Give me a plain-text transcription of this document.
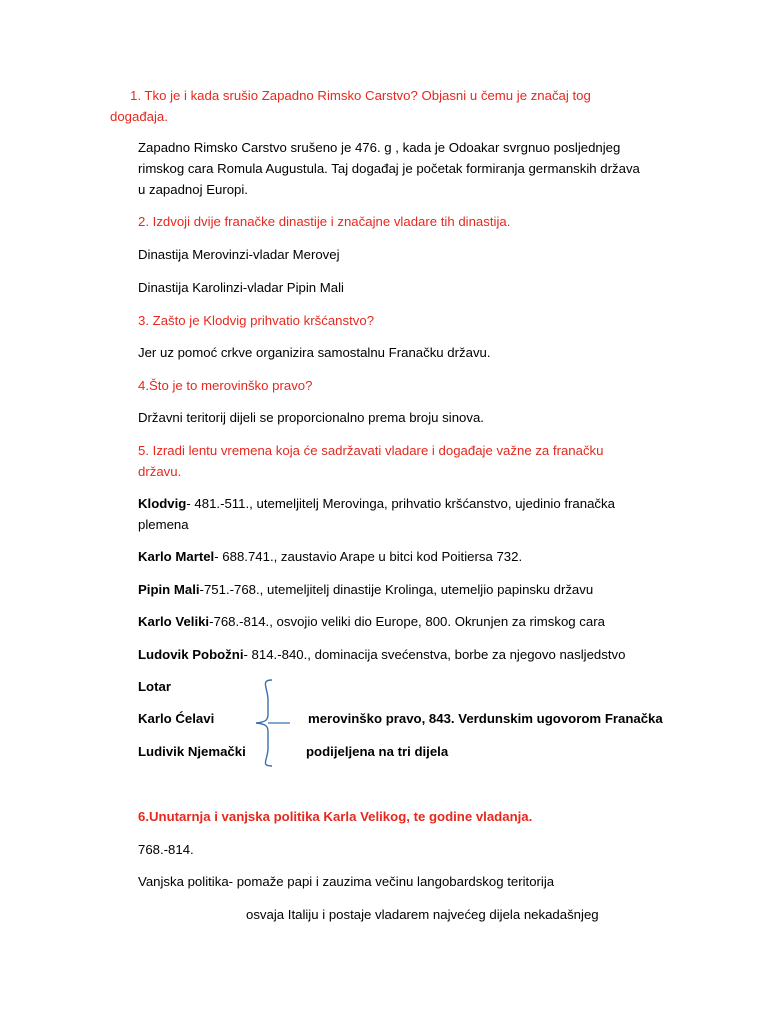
1. Tko je i kada srušio Zapadno Rimsko Carstvo? Objasni u čemu je značaj tog
događaja.
Zapadno Rimsko Carstvo srušeno je 476. g , kada je Odoakar svrgnuo posljednjeg
rimskog cara Romula Augustula. Taj događaj je početak formiranja germanskih država
u zapadnoj Europi.
2. Izdvoji dvije franačke dinastije i značajne vladare tih dinastija.
Dinastija Merovinzi-vladar Merovej
Dinastija Karolinzi-vladar Pipin Mali
3. Zašto je Klodvig prihvatio kršćanstvo?
Jer uz pomoć crkve organizira samostalnu Franačku državu.
4.Što je to merovinško pravo?
Državni teritorij dijeli se proporcionalno prema broju sinova.
5. Izradi lentu vremena koja će sadržavati vladare i događaje važne za franačku
državu.
Klodvig- 481.-511., utemeljitelj Merovinga, prihvatio kršćanstvo, ujedinio franačka
plemena
Karlo Martel- 688.741., zaustavio Arape u bitci kod Poitiersa 732.
Pipin Mali-751.-768., utemeljitelj dinastije Krolinga, utemeljio papinsku državu
Karlo Veliki-768.-814., osvojio veliki dio Europe, 800. Okrunjen za rimskog cara
Ludovik Pobožni- 814.-840., dominacija svećenstva, borbe za njegovo nasljedstvo
Lotar
Karlo Ćelavi
Ludivik Njemački
merovinško pravo, 843. Verdunskim ugovorom Franačka
podijeljena na tri dijela
6.Unutarnja i vanjska politika Karla Velikog, te godine vladanja.
768.-814.
Vanjska politika- pomaže papi i zauzima večinu langobardskog teritorija
osvaja Italiju i postaje vladarem najvećeg dijela nekadašnjeg
